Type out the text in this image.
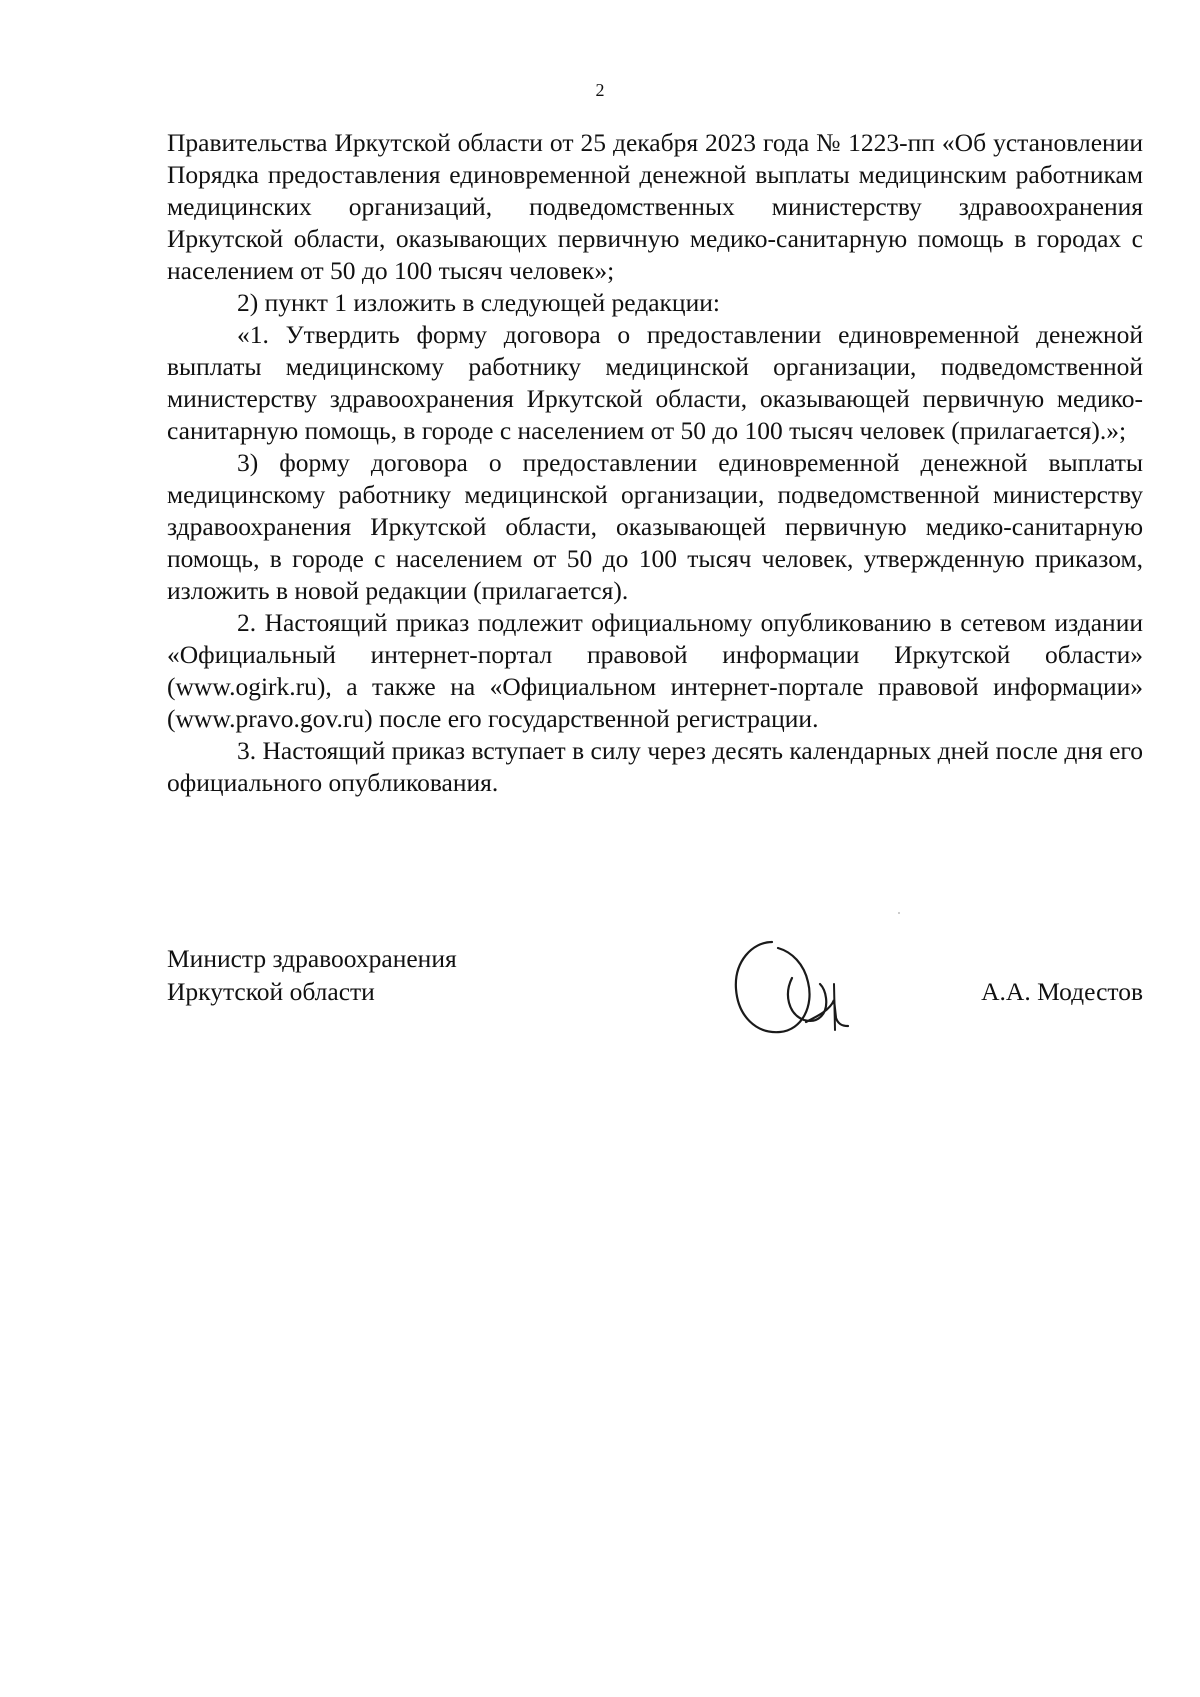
2

Правительства Иркутской области от 25 декабря 2023 года № 1223-пп «Об установлении Порядка предоставления единовременной денежной выплаты медицинским работникам медицинских организаций, подведомственных министерству здравоохранения Иркутской области, оказывающих первичную медико-санитарную помощь в городах с населением от 50 до 100 тысяч человек»;

2) пункт 1 изложить в следующей редакции:

«1. Утвердить форму договора о предоставлении единовременной денежной выплаты медицинскому работнику медицинской организации, подведомственной министерству здравоохранения Иркутской области, оказывающей первичную медико-санитарную помощь, в городе с населением от 50 до 100 тысяч человек (прилагается).»;

3) форму договора о предоставлении единовременной денежной выплаты медицинскому работнику медицинской организации, подведомственной министерству здравоохранения Иркутской области, оказывающей первичную медико-санитарную помощь, в городе с населением от 50 до 100 тысяч человек, утвержденную приказом, изложить в новой редакции (прилагается).

2. Настоящий приказ подлежит официальному опубликованию в сетевом издании «Официальный интернет-портал правовой информации Иркутской области» (www.ogirk.ru), а также на «Официальном интернет-портале правовой информации» (www.pravo.gov.ru) после его государственной регистрации.

3. Настоящий приказ вступает в силу через десять календарных дней после дня его официального опубликования.

Министр здравоохранения
Иркутской области	А.А. Модестов
